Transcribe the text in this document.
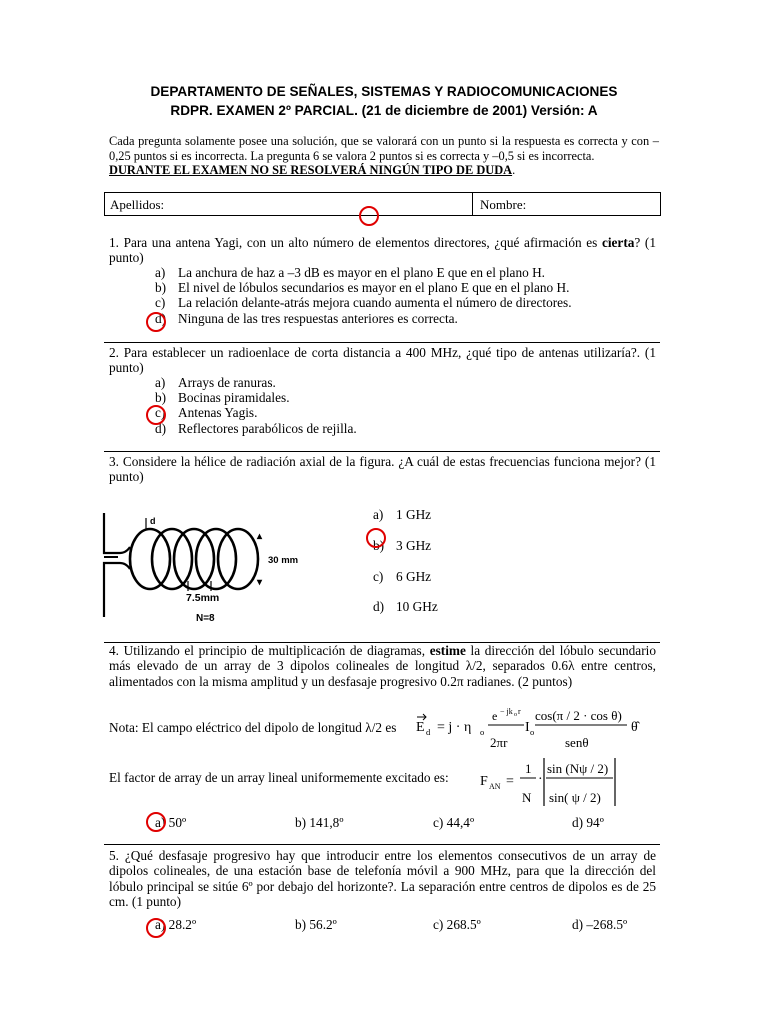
DEPARTAMENTO DE SEÑALES, SISTEMAS Y RADIOCOMUNICACIONES
RDPR. EXAMEN 2º PARCIAL. (21 de diciembre de 2001) Versión: A
Cada pregunta solamente posee una solución, que se valorará con un punto si la respuesta es correcta y con –0,25 puntos si es incorrecta. La pregunta 6 se valora 2 puntos si es correcta y –0,5 si es incorrecta.
DURANTE EL EXAMEN NO SE RESOLVERÁ NINGÚN TIPO DE DUDA.
Apellidos:	Nombre:
1. Para una antena Yagi, con un alto número de elementos directores, ¿qué afirmación es cierta? (1 punto)
a) La anchura de haz a –3 dB es mayor en el plano E que en el plano H.
b) El nivel de lóbulos secundarios es mayor en el plano E que en el plano H.
c) La relación delante-atrás mejora cuando aumenta el número de directores.
d) Ninguna de las tres respuestas anteriores es correcta.
2. Para establecer un radioenlace de corta distancia a 400 MHz, ¿qué tipo de antenas utilizaría?. (1 punto)
a) Arrays de ranuras.
b) Bocinas piramidales.
c) Antenas Yagis.
d) Reflectores parabólicos de rejilla.
3. Considere la hélice de radiación axial de la figura. ¿A cuál de estas frecuencias funciona mejor? (1 punto)
d
▴
▾
30 mm
7.5mm
N=8
a) 1 GHz
b) 3 GHz
c) 6 GHz
d) 10 GHz
4. Utilizando el principio de multiplicación de diagramas, estime la dirección del lóbulo secundario más elevado de un array de 3 dipolos colineales de longitud λ/2, separados 0.6λ entre centros, alimentados con la misma amplitud y un desfasaje progresivo 0.2π radianes. (2 puntos)
Nota: El campo eléctrico del dipolo de longitud λ/2 es E d = j · η o
e − jk o r
2πr
I o
cos(π / 2 · cos θ)
senθ
θ̂
El factor de array de un array lineal uniformemente excitado es: F AN =
1
N
·
sin (Nψ / 2)
sin( ψ / 2)
a) 50º	b) 141,8º	c) 44,4º	d) 94º
5. ¿Qué desfasaje progresivo hay que introducir entre los elementos consecutivos de un array de dipolos colineales, de una estación base de telefonía móvil a 900 MHz, para que la dirección del lóbulo principal se sitúe 6º por debajo del horizonte?. La separación entre centros de dipolos es de 25 cm. (1 punto)
a) 28.2º	b) 56.2º	c) 268.5º	d) –268.5º
